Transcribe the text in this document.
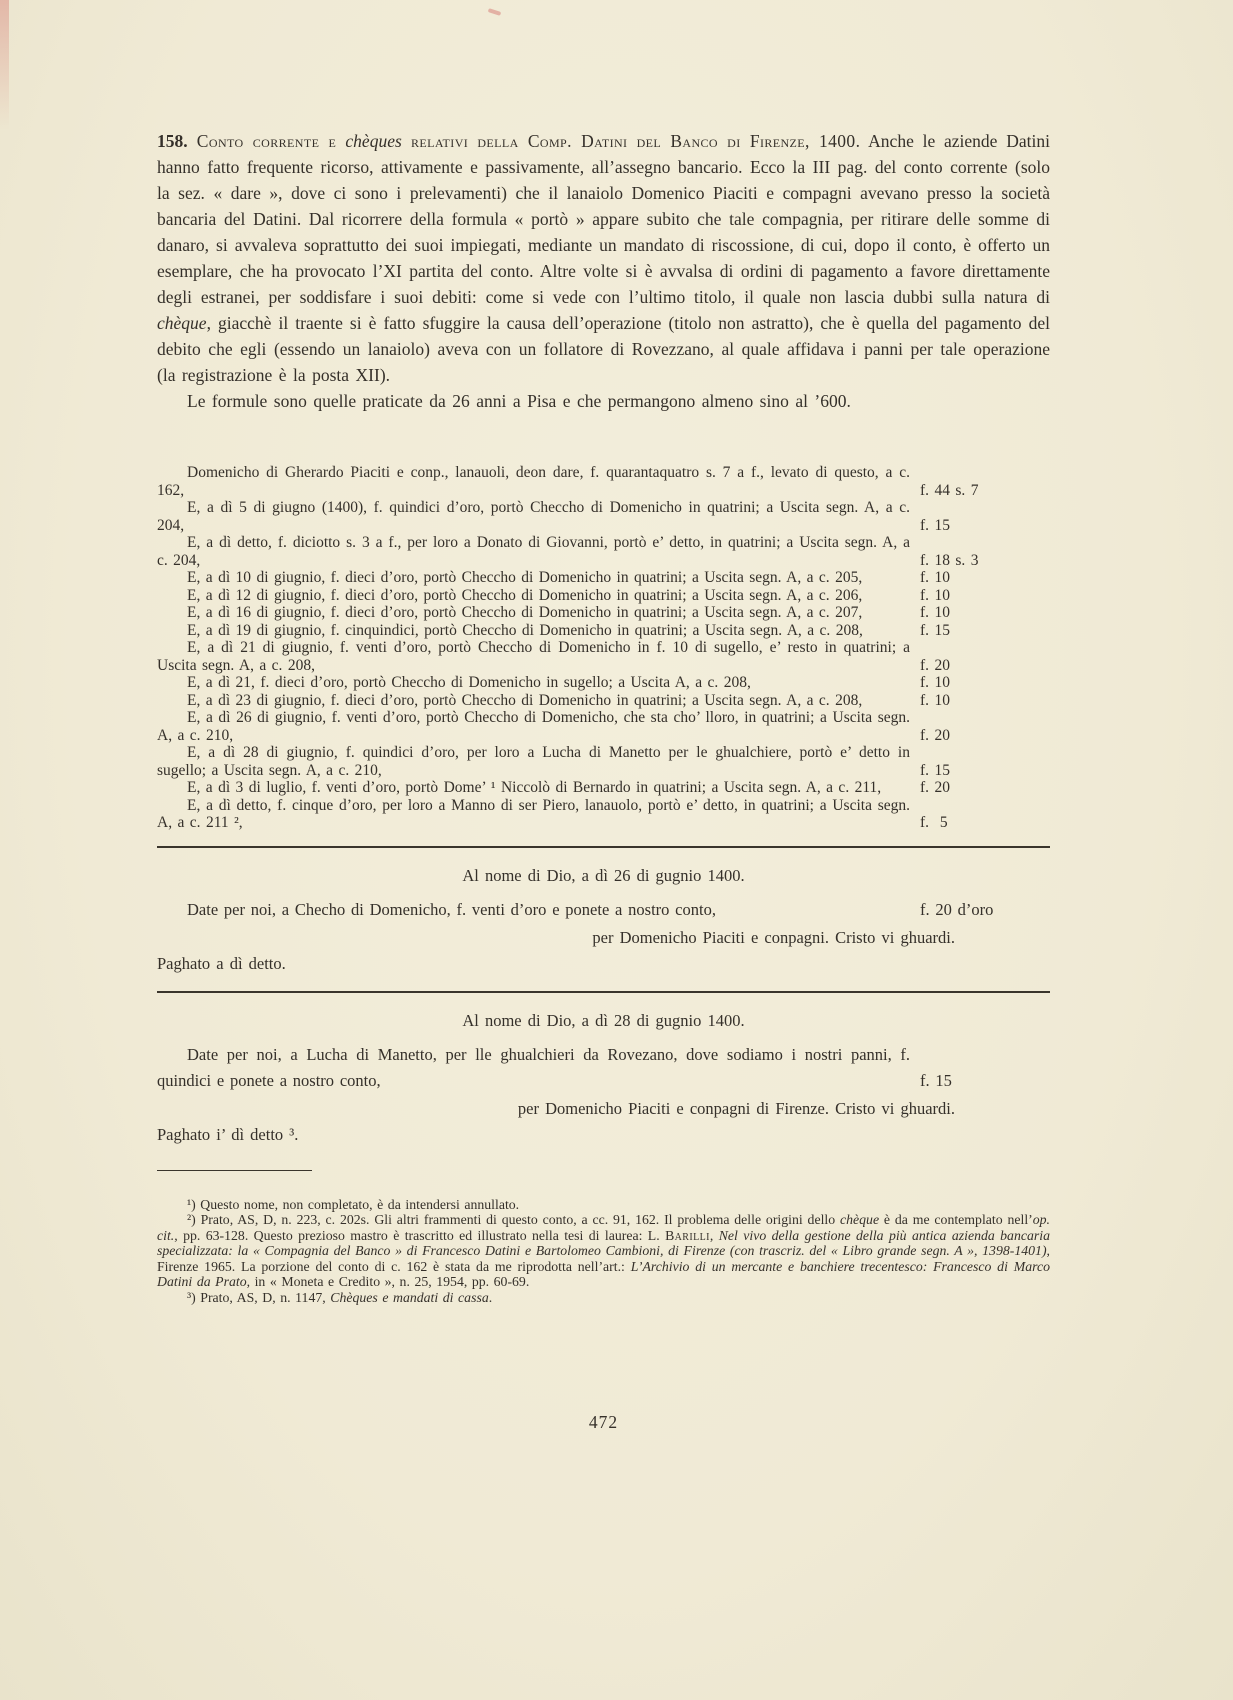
158. Conto corrente e chèques relativi della Comp. Datini del Banco di Firenze, 1400. Anche le aziende Datini hanno fatto frequente ricorso, attivamente e passivamente, all’assegno bancario. Ecco la III pag. del conto corrente (solo la sez. « dare », dove ci sono i prelevamenti) che il lanaiolo Domenico Piaciti e compagni avevano presso la società bancaria del Datini. Dal ricorrere della formula « portò » appare subito che tale compagnia, per ritirare delle somme di danaro, si avvaleva soprattutto dei suoi impiegati, mediante un mandato di riscossione, di cui, dopo il conto, è offerto un esemplare, che ha provocato l’XI partita del conto. Altre volte si è avvalsa di ordini di pagamento a favore direttamente degli estranei, per soddisfare i suoi debiti: come si vede con l’ultimo titolo, il quale non lascia dubbi sulla natura di chèque, giacchè il traente si è fatto sfuggire la causa dell’operazione (titolo non astratto), che è quella del pagamento del debito che egli (essendo un lanaiolo) aveva con un follatore di Rovezzano, al quale affidava i panni per tale operazione (la registrazione è la posta XII).

Le formule sono quelle praticate da 26 anni a Pisa e che permangono almeno sino al ’600.

Domenicho di Gherardo Piaciti e conp., lanauoli, deon dare, f. quarantaquatro s. 7 a f., levato di questo, a c. 162,	f. 44 s. 7

E, a dì 5 di giugno (1400), f. quindici d’oro, portò Checcho di Domenicho in quatrini; a Uscita segn. A, a c. 204,	f. 15

E, a dì detto, f. diciotto s. 3 a f., per loro a Donato di Giovanni, portò e’ detto, in quatrini; a Uscita segn. A, a c. 204,	f. 18 s. 3

E, a dì 10 di giugnio, f. dieci d’oro, portò Checcho di Domenicho in quatrini; a Uscita segn. A, a c. 205,	f. 10

E, a dì 12 di giugnio, f. dieci d’oro, portò Checcho di Domenicho in quatrini; a Uscita segn. A, a c. 206,	f. 10

E, a dì 16 di giugnio, f. dieci d’oro, portò Checcho di Domenicho in quatrini; a Uscita segn. A, a c. 207,	f. 10

E, a dì 19 di giugnio, f. cinquindici, portò Checcho di Domenicho in quatrini; a Uscita segn. A, a c. 208,	f. 15

E, a dì 21 di giugnio, f. venti d’oro, portò Checcho di Domenicho in f. 10 di sugello, e’ resto in quatrini; a Uscita segn. A, a c. 208,	f. 20

E, a dì 21, f. dieci d’oro, portò Checcho di Domenicho in sugello; a Uscita A, a c. 208,	f. 10

E, a dì 23 di giugnio, f. dieci d’oro, portò Checcho di Domenicho in quatrini; a Uscita segn. A, a c. 208,	f. 10

E, a dì 26 di giugnio, f. venti d’oro, portò Checcho di Domenicho, che sta cho’ lloro, in quatrini; a Uscita segn. A, a c. 210,	f. 20

E, a dì 28 di giugnio, f. quindici d’oro, per loro a Lucha di Manetto per le ghualchiere, portò e’ detto in sugello; a Uscita segn. A, a c. 210,	f. 15

E, a dì 3 di luglio, f. venti d’oro, portò Dome’ ¹ Niccolò di Bernardo in quatrini; a Uscita segn. A, a c. 211,	f. 20

E, a dì detto, f. cinque d’oro, per loro a Manno di ser Piero, lanauolo, portò e’ detto, in quatrini; a Uscita segn. A, a c. 211 ²,	f.  5

Al nome di Dio, a dì 26 di gugnio 1400.

Date per noi, a Checho di Domenicho, f. venti d’oro e ponete a nostro conto,	f. 20 d’oro

per Domenicho Piaciti e conpagni. Cristo vi ghuardi.

Paghato a dì detto.

Al nome di Dio, a dì 28 di gugnio 1400.

Date per noi, a Lucha di Manetto, per lle ghualchieri da Rovezano, dove sodiamo i nostri panni, f. quindici e ponete a nostro conto,	f. 15

per Domenicho Piaciti e conpagni di Firenze. Cristo vi ghuardi.

Paghato i’ dì detto ³.

¹) Questo nome, non completato, è da intendersi annullato.

²) Prato, AS, D, n. 223, c. 202s. Gli altri frammenti di questo conto, a cc. 91, 162. Il problema delle origini dello chèque è da me contemplato nell’op. cit., pp. 63-128. Questo prezioso mastro è trascritto ed illustrato nella tesi di laurea: L. Barilli, Nel vivo della gestione della più antica azienda bancaria specializzata: la « Compagnia del Banco » di Francesco Datini e Bartolomeo Cambioni, di Firenze (con trascriz. del « Libro grande segn. A », 1398-1401), Firenze 1965. La porzione del conto di c. 162 è stata da me riprodotta nell’art.: L’Archivio di un mercante e banchiere trecentesco: Francesco di Marco Datini da Prato, in « Moneta e Credito », n. 25, 1954, pp. 60-69.

³) Prato, AS, D, n. 1147, Chèques e mandati di cassa.

472
